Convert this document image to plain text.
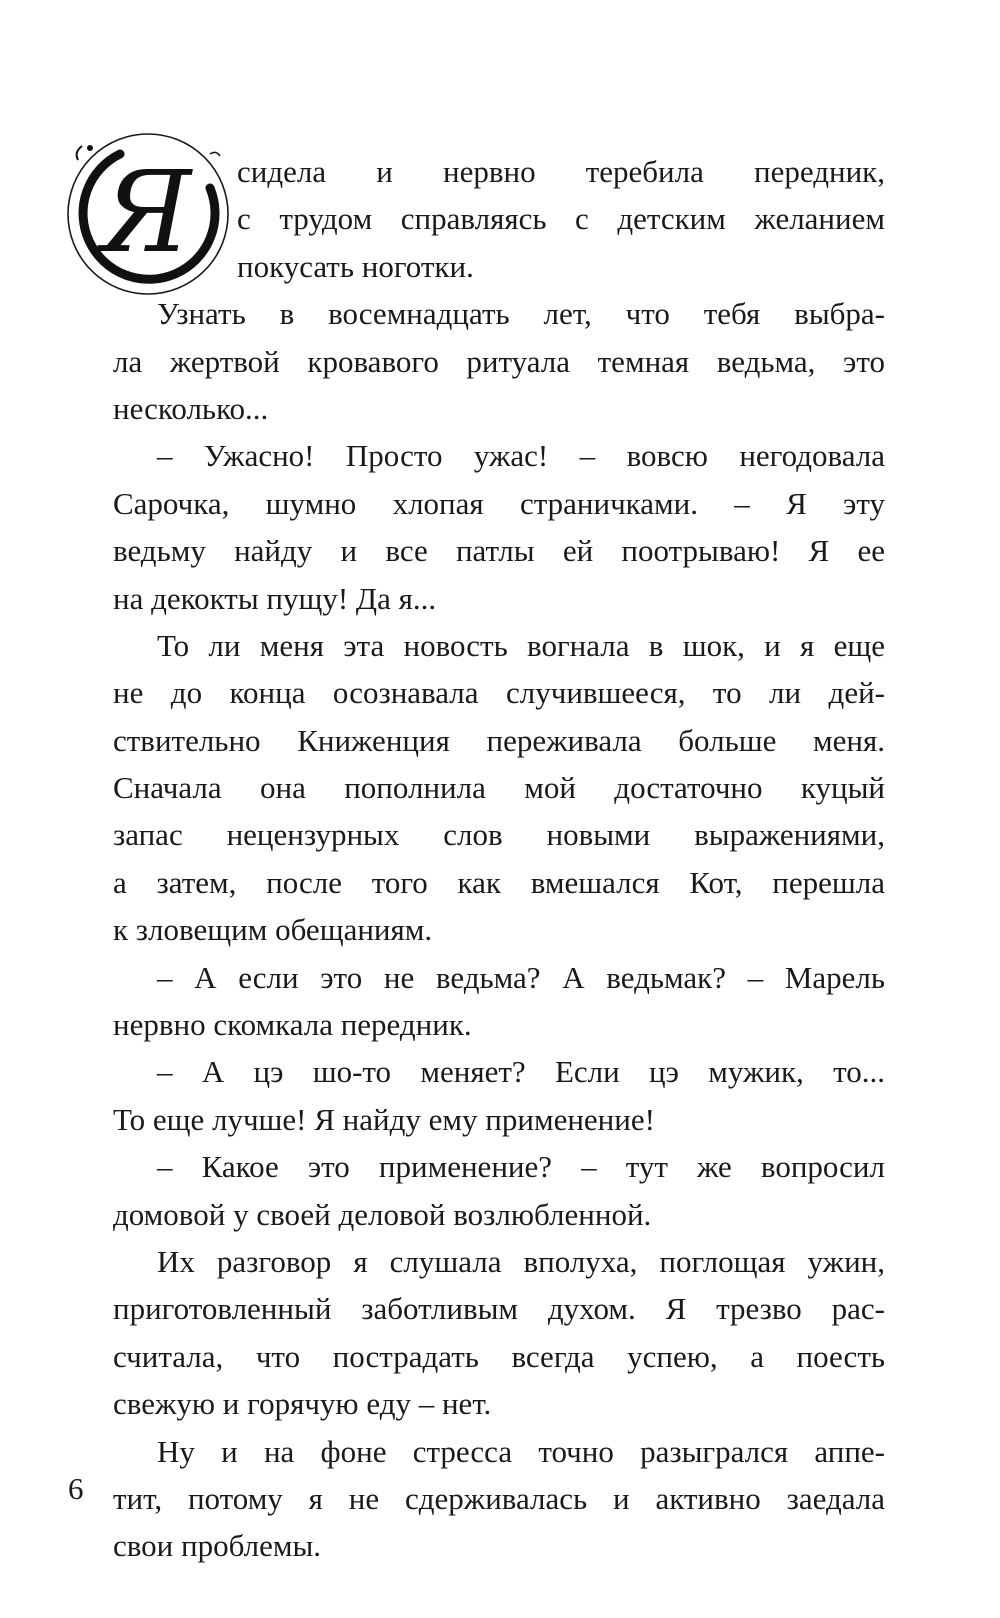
Я	сидела и нервно теребила передник,
с трудом справляясь с детским желанием
покусать ноготки.
Узнать в восемнадцать лет, что тебя выбра-
ла жертвой кровавого ритуала темная ведьма, это
несколько...
– Ужасно! Просто ужас! – вовсю негодовала
Сарочка, шумно хлопая страничками. – Я эту
ведьму найду и все патлы ей поотрываю! Я ее
на декокты пущу! Да я...
То ли меня эта новость вогнала в шок, и я еще
не до конца осознавала случившееся, то ли дей-
ствительно Книженция переживала больше меня.
Сначала она пополнила мой достаточно куцый
запас нецензурных слов новыми выражениями,
а затем, после того как вмешался Кот, перешла
к зловещим обещаниям.
– А если это не ведьма? А ведьмак? – Марель
нервно скомкала передник.
– А цэ шо-то меняет? Если цэ мужик, то...
То еще лучше! Я найду ему применение!
– Какое это применение? – тут же вопросил
домовой у своей деловой возлюбленной.
Их разговор я слушала вполуха, поглощая ужин,
приготовленный заботливым духом. Я трезво рас-
считала, что пострадать всегда успею, а поесть
свежую и горячую еду – нет.
Ну и на фоне стресса точно разыгрался аппе-
тит, потому я не сдерживалась и активно заедала
свои проблемы.
6
